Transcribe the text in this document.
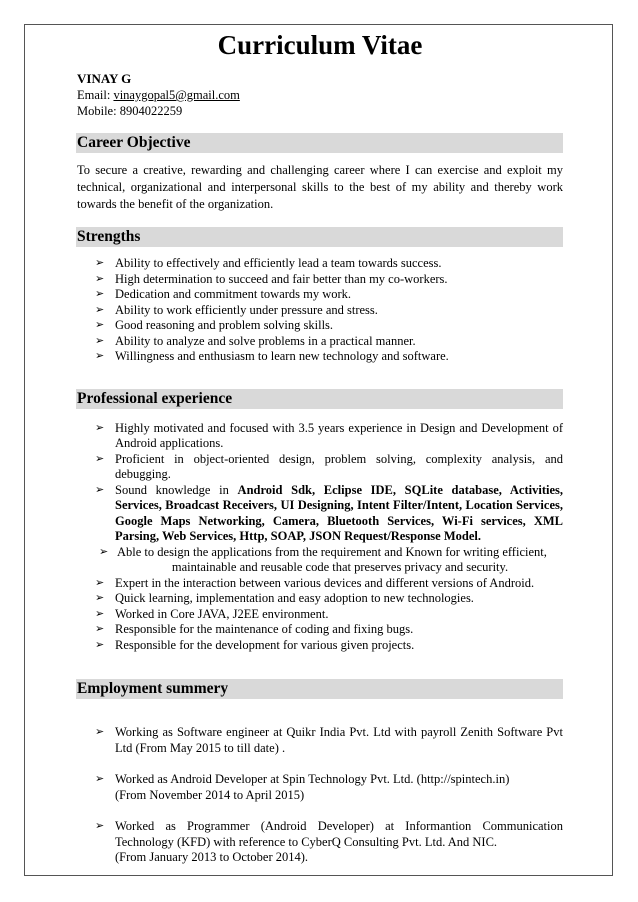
Curriculum Vitae
VINAY G
Email: vinaygopal5@gmail.com
Mobile: 8904022259
Career Objective
To secure a creative, rewarding and challenging career where I can exercise and exploit my technical, organizational and interpersonal skills to the best of my ability and thereby work towards the benefit of the organization.
Strengths
➢ Ability to effectively and efficiently lead a team towards success.
➢ High determination to succeed and fair better than my co-workers.
➢ Dedication and commitment towards my work.
➢ Ability to work efficiently under pressure and stress.
➢ Good reasoning and problem solving skills.
➢ Ability to analyze and solve problems in a practical manner.
➢ Willingness and enthusiasm to learn new technology and software.
Professional experience
➢ Highly motivated and focused with 3.5 years experience in Design and Development of Android applications.
➢ Proficient in object-oriented design, problem solving, complexity analysis, and debugging.
➢ Sound knowledge in Android Sdk, Eclipse IDE, SQLite database, Activities, Services, Broadcast Receivers, UI Designing, Intent Filter/Intent, Location Services, Google Maps Networking, Camera, Bluetooth Services, Wi-Fi services, XML Parsing, Web Services, Http, SOAP, JSON Request/Response Model.
➢ Able to design the applications from the requirement and Known for writing efficient,

maintainable and reusable code that preserves privacy and security.
➢ Expert in the interaction between various devices and different versions of Android.
➢ Quick learning, implementation and easy adoption to new technologies.
➢ Worked in Core JAVA, J2EE environment.
➢ Responsible for the maintenance of coding and fixing bugs.
➢ Responsible for the development for various given projects.
Employment summery
➢ Working as Software engineer at Quikr India Pvt. Ltd with payroll Zenith Software Pvt Ltd (From May 2015 to till date) .
➢ Worked as Android Developer at Spin Technology Pvt. Ltd. (http://spintech.in)
(From November 2014 to April 2015)
➢ Worked as Programmer (Android Developer) at Informantion Communication Technology (KFD) with reference to CyberQ Consulting Pvt. Ltd. And NIC.
(From January 2013 to October 2014).
